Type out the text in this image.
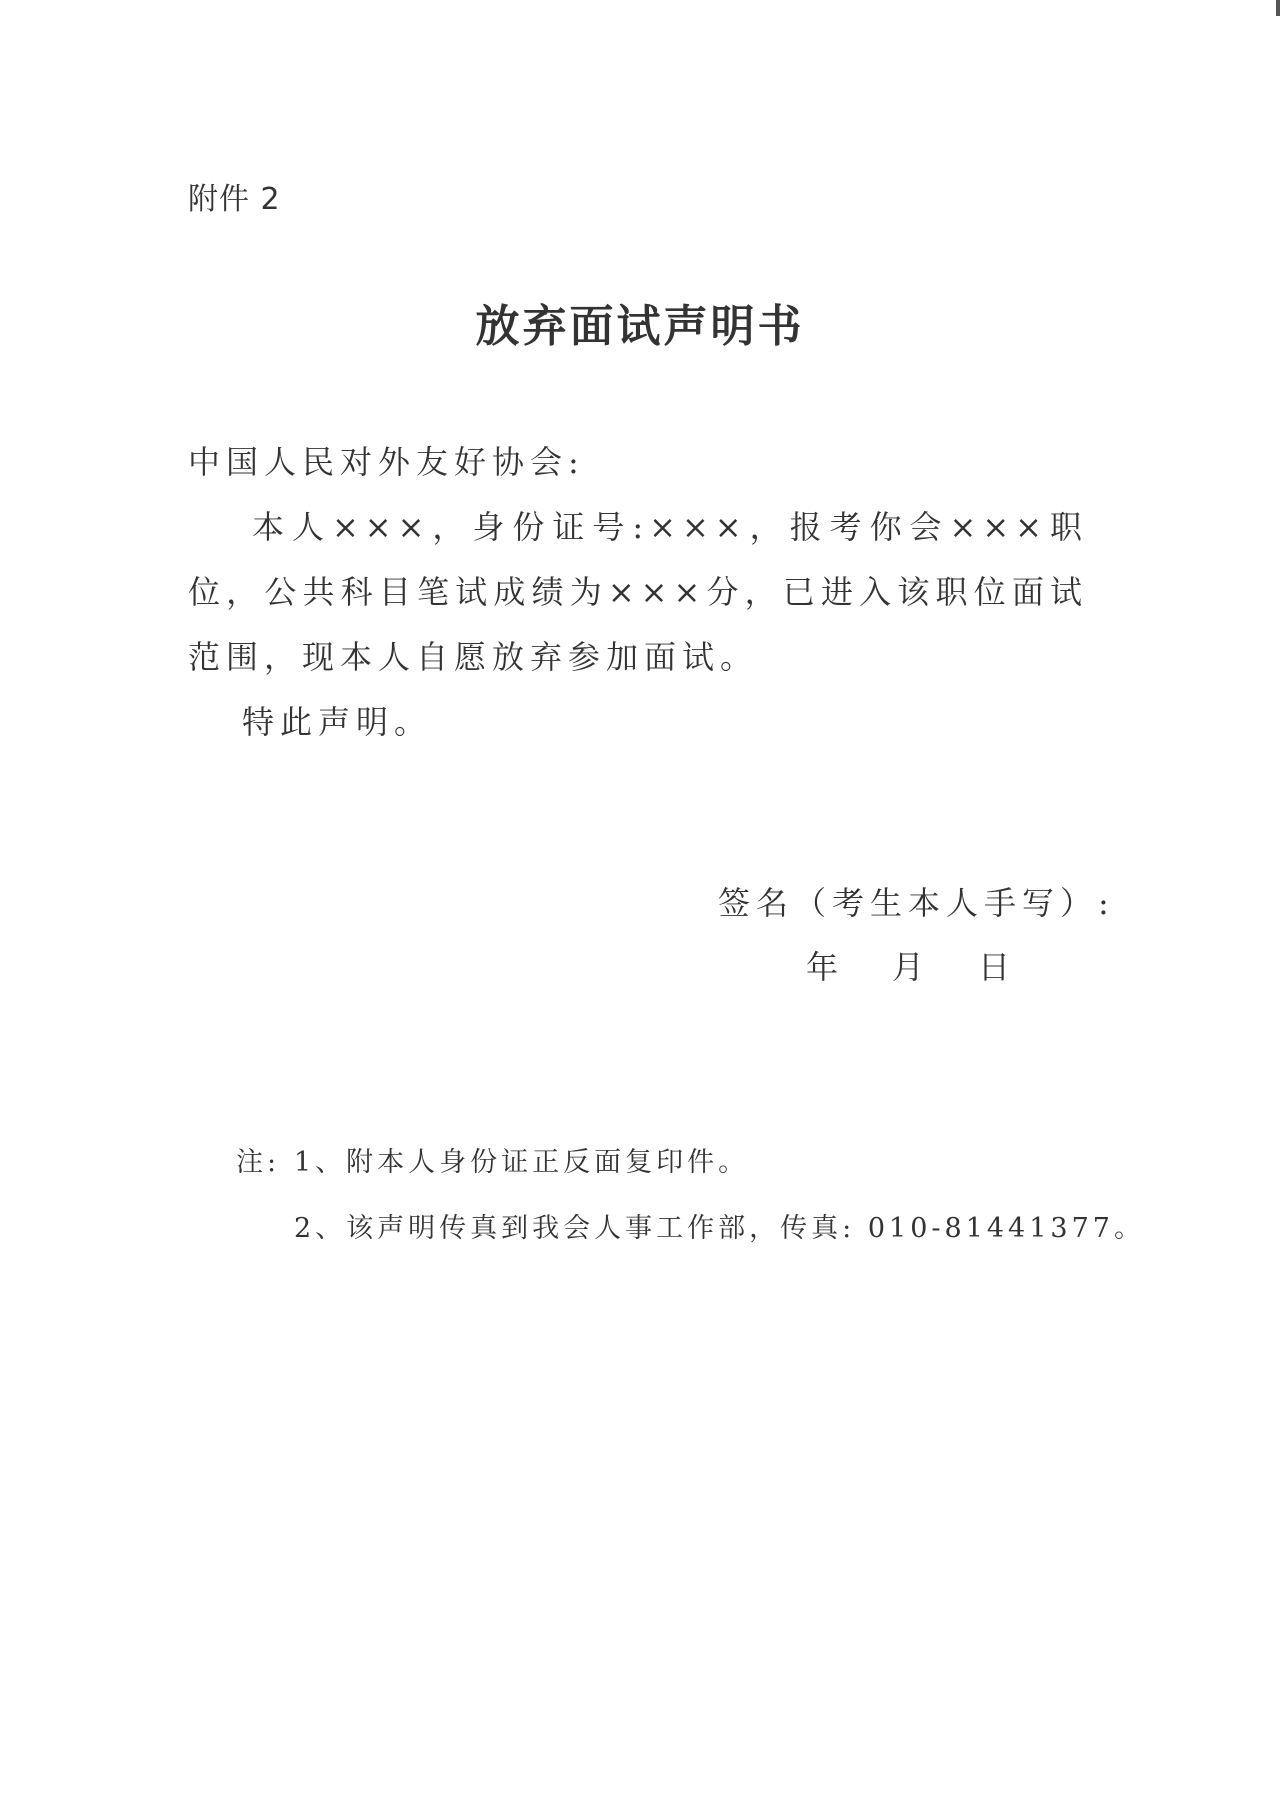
附件 2
放弃面试声明书

中国人民对外友好协会:

本人×××，身份证号:×××，报考你会×××职位，公共科目笔试成绩为×××分，已进入该职位面试范围，现本人自愿放弃参加面试。

特此声明。

签名（考生本人手写）:
年 月 日
注: 1、附本人身份证正反面复印件。
2、该声明传真到我会人事工作部，传真: 010-81441377。
